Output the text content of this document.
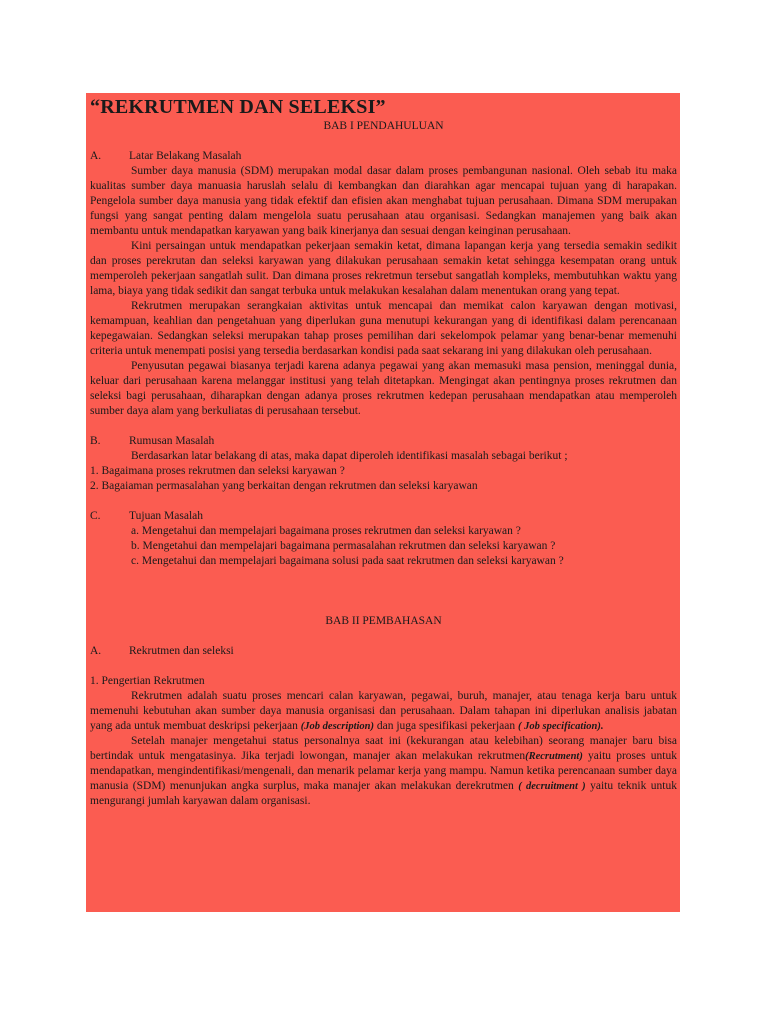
“REKRUTMEN DAN SELEKSI”

BAB I PENDAHULUAN

A.	Latar Belakang Masalah

Sumber daya manusia (SDM) merupakan modal dasar dalam proses pembangunan nasional. Oleh sebab itu maka kualitas sumber daya manuasia haruslah selalu di kembangkan dan diarahkan agar mencapai tujuan yang di harapakan. Pengelola sumber daya manusia yang tidak efektif dan efisien akan menghabat tujuan perusahaan. Dimana SDM merupakan fungsi yang sangat penting dalam mengelola suatu perusahaan atau organisasi. Sedangkan manajemen yang baik akan membantu untuk mendapatkan karyawan yang baik kinerjanya dan sesuai dengan keinginan perusahaan.

Kini persaingan untuk mendapatkan pekerjaan semakin ketat, dimana lapangan kerja yang tersedia semakin sedikit dan proses perekrutan dan seleksi karyawan yang dilakukan perusahaan semakin ketat sehingga kesempatan orang untuk memperoleh pekerjaan sangatlah sulit. Dan dimana proses rekretmun tersebut sangatlah kompleks, membutuhkan waktu yang lama, biaya yang tidak sedikit dan sangat terbuka untuk melakukan kesalahan dalam menentukan orang yang tepat.

Rekrutmen merupakan serangkaian aktivitas untuk mencapai dan memikat calon karyawan dengan motivasi, kemampuan, keahlian dan pengetahuan yang diperlukan guna menutupi kekurangan yang di identifikasi dalam perencanaan kepegawaian. Sedangkan seleksi merupakan tahap proses pemilihan dari sekelompok pelamar yang benar-benar memenuhi criteria untuk menempati posisi yang tersedia berdasarkan kondisi pada saat sekarang ini yang dilakukan oleh perusahaan.

Penyusutan pegawai biasanya terjadi karena adanya pegawai yang akan memasuki masa pension, meninggal dunia, keluar dari perusahaan karena melanggar institusi yang telah ditetapkan. Mengingat akan pentingnya proses rekrutmen dan seleksi bagi perusahaan, diharapkan dengan adanya proses rekrutmen kedepan perusahaan mendapatkan atau memperoleh sumber daya alam yang berkuliatas di perusahaan tersebut.

B.	Rumusan Masalah

Berdasarkan latar belakang di atas, maka dapat diperoleh identifikasi masalah sebagai berikut ;

1. Bagaimana proses rekrutmen dan seleksi karyawan ?

2. Bagaiaman permasalahan yang berkaitan dengan rekrutmen dan seleksi karyawan

C.	Tujuan Masalah

a. Mengetahui dan mempelajari bagaimana proses rekrutmen dan seleksi karyawan ?

b. Mengetahui dan mempelajari bagaimana permasalahan rekrutmen dan seleksi karyawan ?

c. Mengetahui dan mempelajari bagaimana solusi pada saat rekrutmen dan seleksi karyawan ?

BAB II PEMBAHASAN

A.	Rekrutmen dan seleksi

1. Pengertian Rekrutmen

Rekrutmen adalah suatu proses mencari calan karyawan, pegawai, buruh, manajer, atau tenaga kerja baru untuk memenuhi kebutuhan akan sumber daya manusia organisasi dan perusahaan. Dalam tahapan ini diperlukan analisis jabatan yang ada untuk membuat deskripsi pekerjaan (Job description) dan juga spesifikasi pekerjaan ( Job specification).

Setelah manajer mengetahui status personalnya saat ini (kekurangan atau kelebihan) seorang manajer baru bisa bertindak untuk mengatasinya. Jika terjadi lowongan, manajer akan melakukan rekrutmen(Recrutment) yaitu proses untuk mendapatkan, mengindentifikasi/mengenali, dan menarik pelamar kerja yang mampu. Namun ketika perencanaan sumber daya manusia (SDM) menunjukan angka surplus, maka manajer akan melakukan derekrutmen ( decruitment ) yaitu teknik untuk mengurangi jumlah karyawan dalam organisasi.
